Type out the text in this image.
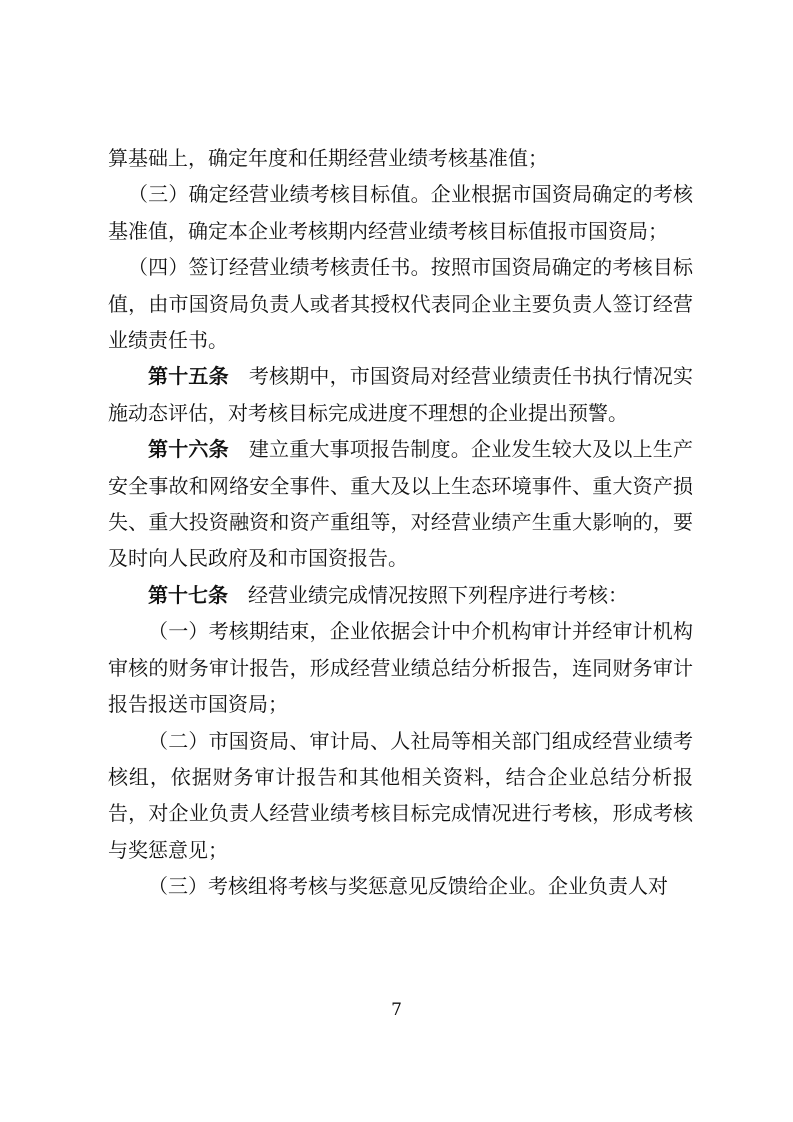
算基础上，确定年度和任期经营业绩考核基准值；

（三）确定经营业绩考核目标值。企业根据市国资局确定的考核基准值，确定本企业考核期内经营业绩考核目标值报市国资局；

（四）签订经营业绩考核责任书。按照市国资局确定的考核目标值，由市国资局负责人或者其授权代表同企业主要负责人签订经营业绩责任书。

第十五条 考核期中，市国资局对经营业绩责任书执行情况实施动态评估，对考核目标完成进度不理想的企业提出预警。

第十六条 建立重大事项报告制度。企业发生较大及以上生产安全事故和网络安全事件、重大及以上生态环境事件、重大资产损失、重大投资融资和资产重组等，对经营业绩产生重大影响的，要及时向人民政府及和市国资报告。

第十七条 经营业绩完成情况按照下列程序进行考核：

（一）考核期结束，企业依据会计中介机构审计并经审计机构审核的财务审计报告，形成经营业绩总结分析报告，连同财务审计报告报送市国资局；

（二）市国资局、审计局、人社局等相关部门组成经营业绩考核组，依据财务审计报告和其他相关资料，结合企业总结分析报告，对企业负责人经营业绩考核目标完成情况进行考核，形成考核与奖惩意见；

（三）考核组将考核与奖惩意见反馈给企业。企业负责人对

7
